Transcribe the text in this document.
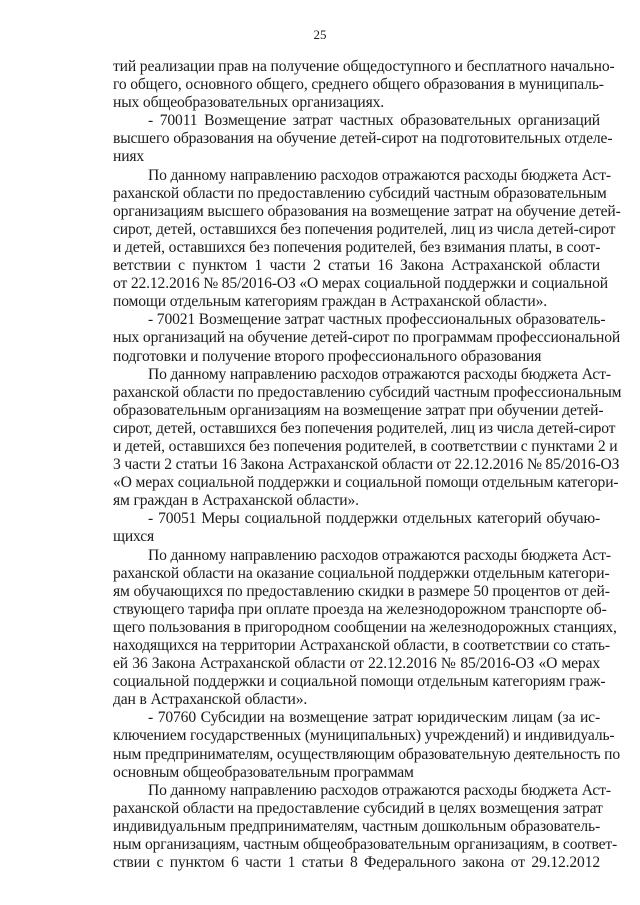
25
тий реализации прав на получение общедоступного и бесплатного начально-
го общего, основного общего, среднего общего образования в муниципаль-
ных общеобразовательных организациях.
- 70011 Возмещение затрат частных образовательных организаций
высшего образования на обучение детей-сирот на подготовительных отделе-
ниях
По данному направлению расходов отражаются расходы бюджета Аст-
раханской области по предоставлению субсидий частным образовательным
организациям высшего образования на возмещение затрат на обучение детей-
сирот, детей, оставшихся без попечения родителей, лиц из числа детей-сирот
и детей, оставшихся без попечения родителей, без взимания платы, в соот-
ветствии с пунктом 1 части 2 статьи 16 Закона Астраханской области
от 22.12.2016 № 85/2016-ОЗ «О мерах социальной поддержки и социальной
помощи отдельным категориям граждан в Астраханской области».
- 70021 Возмещение затрат частных профессиональных образователь-
ных организаций на обучение детей-сирот по программам профессиональной
подготовки и получение второго профессионального образования
По данному направлению расходов отражаются расходы бюджета Аст-
раханской области по предоставлению субсидий частным профессиональным
образовательным организациям на возмещение затрат при обучении детей-
сирот, детей, оставшихся без попечения родителей, лиц из числа детей-сирот
и детей, оставшихся без попечения родителей, в соответствии с пунктами 2 и
3 части 2 статьи 16 Закона Астраханской области от 22.12.2016 № 85/2016-ОЗ
«О мерах социальной поддержки и социальной помощи отдельным категори-
ям граждан в Астраханской области».
- 70051 Меры социальной поддержки отдельных категорий обучаю-
щихся
По данному направлению расходов отражаются расходы бюджета Аст-
раханской области на оказание социальной поддержки отдельным категори-
ям обучающихся по предоставлению скидки в размере 50 процентов от дей-
ствующего тарифа при оплате проезда на железнодорожном транспорте об-
щего пользования в пригородном сообщении на железнодорожных станциях,
находящихся на территории Астраханской области, в соответствии со стать-
ей 36 Закона Астраханской области от 22.12.2016 № 85/2016-ОЗ «О мерах
социальной поддержки и социальной помощи отдельным категориям граж-
дан в Астраханской области».
- 70760 Субсидии на возмещение затрат юридическим лицам (за ис-
ключением государственных (муниципальных) учреждений) и индивидуаль-
ным предпринимателям, осуществляющим образовательную деятельность по
основным общеобразовательным программам
По данному направлению расходов отражаются расходы бюджета Аст-
раханской области на предоставление субсидий в целях возмещения затрат
индивидуальным предпринимателям, частным дошкольным образователь-
ным организациям, частным общеобразовательным организациям, в соответ-
ствии с пунктом 6 части 1 статьи 8 Федерального закона от 29.12.2012
